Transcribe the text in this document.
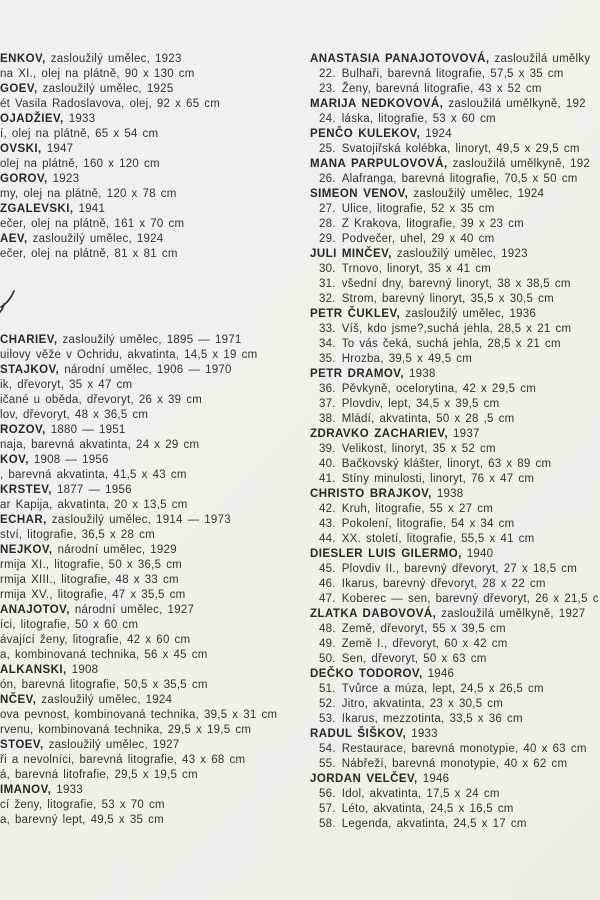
ENKOV, zasloužilý umělec, 1923
na XI., olej na plátně, 90 x 130 cm
GOEV, zasloužilý umělec, 1925
ét Vasila Radoslavova, olej, 92 x 65 cm
OJADŽIEV, 1933
í, olej na plátně, 65 x 54 cm
OVSKI, 1947
olej na plátně, 160 x 120 cm
GOROV, 1923
my, olej na plátně, 120 x 78 cm
ZGALEVSKI, 1941
ečer, olej na plátně, 161 x 70 cm
AEV, zasloužilý umělec, 1924
ečer, olej na plátně, 81 x 81 cm
CHARIEV, zasloužilý umělec, 1895 — 1971
uilovy věže v Ochridu, akvatinta, 14,5 x 19 cm
STAJKOV, národní umělec, 1906 — 1970
ik, dřevoryt, 35 x 47 cm
ičané u oběda, dřevoryt, 26 x 39 cm
lov, dřevoryt, 48 x 36,5 cm
ROZOV, 1880 — 1951
naja, barevná akvatinta, 24 x 29 cm
KOV, 1908 — 1956
, barevná akvatinta, 41,5 x 43 cm
KRSTEV, 1877 — 1956
ar Kapija, akvatinta, 20 x 13,5 cm
ECHAR, zasloužilý umělec, 1914 — 1973
ství, litografie, 36,5 x 28 cm
NEJKOV, národní umělec, 1929
rmija XI., litografie, 50 x 36,5 cm
rmija XIII., litografie, 48 x 33 cm
rmija XV., litografie, 47 x 35,5 cm
ANAJOTOV, národní umělec, 1927
íci, litografie, 50 x 60 cm
ávající ženy, litografie, 42 x 60 cm
a, kombinovaná technika, 56 x 45 cm
ALKANSKI, 1908
ón, barevná litografie, 50,5 x 35,5 cm
NČEV, zasloužilý umělec, 1924
ova pevnost, kombinovaná technika, 39,5 x 31 cm
rvenu, kombinovaná technika, 29,5 x 19,5 cm
STOEV, zasloužilý umělec, 1927
ři a nevolníci, barevná litografie, 43 x 68 cm
á, barevná litofrafie, 29,5 x 19,5 cm
IMANOV, 1933
cí ženy, litografie, 53 x 70 cm
a, barevný lept, 49,5 x 35 cm
ANASTASIA PANAJOTOVOVÁ, zasloužilá umělky
22. Bulhaři, barevná litografie, 57,5 x 35 cm
23. Ženy, barevná litografie, 43 x 52 cm
MARIJA NEDKOVOVÁ, zasloužilá umělkyně, 192
24. láska, litografie, 53 x 60 cm
PENČO KULEKOV, 1924
25. Svatojiřská kolébka, linoryt, 49,5 x 29,5 cm
MANA PARPULOVOVÁ, zasloužilá umělkyně, 192
26. Alafranga, barevná litografie, 70,5 x 50 cm
SIMEON VENOV, zasloužilý umělec, 1924
27. Ulice, litografie, 52 x 35 cm
28. Z Krakova, litografie, 39 x 23 cm
29. Podvečer, uhel, 29 x 40 cm
JULI MINČEV, zasloužilý umělec, 1923
30. Trnovo, linoryt, 35 x 41 cm
31. všední dny, barevný linoryt, 38 x 38,5 cm
32. Strom, barevný linoryt, 35,5 x 30,5 cm
PETR ČUKLEV, zasloužilý umělec, 1936
33. Víš, kdo jsme?,suchá jehla, 28,5 x 21 cm
34. To vás čeká, suchá jehla, 28,5 x 21 cm
35. Hrozba, 39,5 x 49,5 cm
PETR DRAMOV, 1938
36. Pěvkyně, ocelorytina, 42 x 29,5 cm
37. Plovdiv, lept, 34,5 x 39,5 cm
38. Mládí, akvatinta, 50 x 28 ,5 cm
ZDRAVKO ZACHARIEV, 1937
39. Velikost, linoryt, 35 x 52 cm
40. Bačkovský klášter, linoryt, 63 x 89 cm
41. Stíny minulosti, linoryt, 76 x 47 cm
CHRISTO BRAJKOV, 1938
42. Kruh, litografie, 55 x 27 cm
43. Pokolení, litografie, 54 x 34 cm
44. XX. století, litografie, 55,5 x 41 cm
DIESLER LUIS GILERMO, 1940
45. Plovdiv II., barevný dřevoryt, 27 x 18,5 cm
46. Ikarus, barevný dřevoryt, 28 x 22 cm
47. Koberec — sen, barevný dřevoryt, 26 x 21,5 c
ZLATKA DABOVOVÁ, zasloužilá umělkyně, 1927
48. Země, dřevoryt, 55 x 39,5 cm
49. Země I., dřevoryt, 60 x 42 cm
50. Sen, dřevoryt, 50 x 63 cm
DEČKO TODOROV, 1946
51. Tvůrce a múza, lept, 24,5 x 26,5 cm
52. Jitro, akvatinta, 23 x 30,5 cm
53. Ikarus, mezzotinta, 33,5 x 36 cm
RADUL ŠIŠKOV, 1933
54. Restaurace, barevná monotypie, 40 x 63 cm
55. Nábřeží, barevná monotypie, 40 x 62 cm
JORDAN VELČEV, 1946
56. Idol, akvatinta, 17,5 x 24 cm
57. Léto, akvatinta, 24,5 x 16,5 cm
58. Legenda, akvatinta, 24,5 x 17 cm
